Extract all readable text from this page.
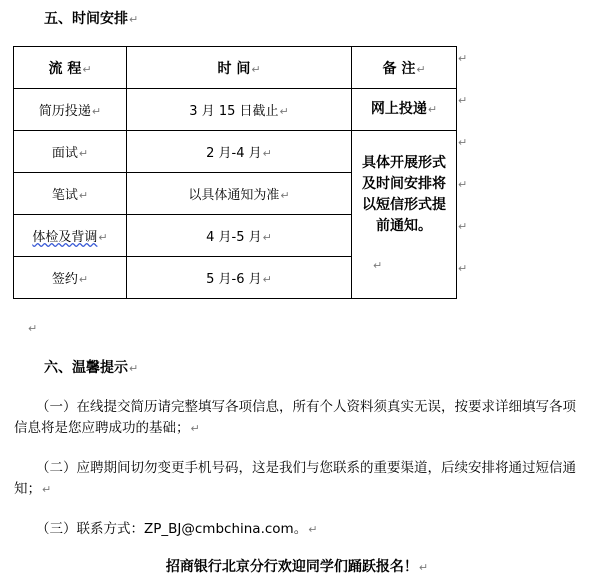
五、时间安排↵
流 程↵	时 间↵	备 注↵
简历投递↵	3 月 15 日截止↵	网上投递↵
面试↵	2 月-4 月↵	具体开展形式及时间安排将以短信形式提前通知。
↵

笔试↵	以具体通知为准↵	
体检及背调↵	4 月-5 月↵	
签约↵	5 月-6 月↵	
↵
↵
↵
↵
↵
↵
↵
六、温馨提示↵
（一）在线提交简历请完整填写各项信息，所有个人资料须真实无误，按要求详细填写各项信息将是您应聘成功的基础；↵
（二）应聘期间切勿变更手机号码，这是我们与您联系的重要渠道，后续安排将通过短信通知；↵
（三）联系方式：ZP_BJ@cmbchina.com。↵
招商银行北京分行欢迎同学们踊跃报名！↵
